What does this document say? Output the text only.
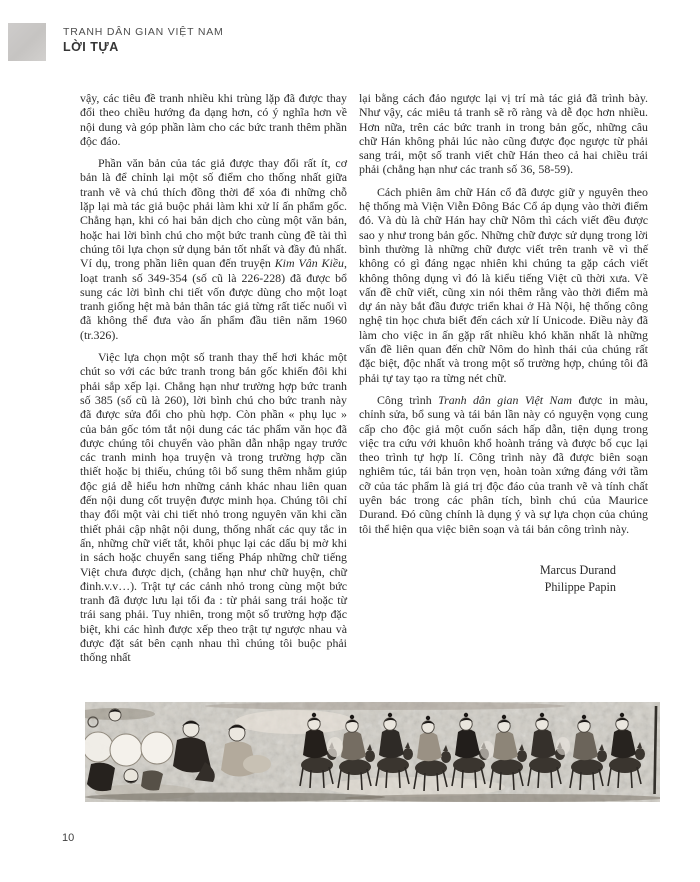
TRANH DÂN GIAN VIỆT NAM
LỜI TỰA

vậy, các tiêu đề tranh nhiều khi trùng lặp đã được thay đổi theo chiều hướng đa dạng hơn, có ý nghĩa hơn về nội dung và góp phần làm cho các bức tranh thêm phần độc đáo.

Phần văn bản của tác giả được thay đổi rất ít, cơ bản là để chỉnh lại một số điểm cho thống nhất giữa tranh vẽ và chú thích đồng thời để xóa đi những chỗ lặp lại mà tác giả buộc phải làm khi xử lí ấn phẩm gốc. Chẳng hạn, khi có hai bản dịch cho cùng một văn bản, hoặc hai lời bình chú cho một bức tranh cùng đề tài thì chúng tôi lựa chọn sử dụng bản tốt nhất và đầy đủ nhất. Ví dụ, trong phần liên quan đến truyện Kim Vân Kiều, loạt tranh số 349-354 (số cũ là 226-228) đã được bổ sung các lời bình chi tiết vốn được dùng cho một loạt tranh giống hệt mà bản thân tác giả từng rất tiếc nuối vì đã không thể đưa vào ấn phẩm đầu tiên năm 1960 (tr.326).

Việc lựa chọn một số tranh thay thế hơi khác một chút so với các bức tranh trong bản gốc khiến đôi khi phải sắp xếp lại. Chẳng hạn như trường hợp bức tranh số 385 (số cũ là 260), lời bình chú cho bức tranh này đã được sửa đổi cho phù hợp. Còn phần « phụ lục » của bản gốc tóm tắt nội dung các tác phẩm văn học đã được chúng tôi chuyển vào phần dẫn nhập ngay trước các tranh minh họa truyện và trong trường hợp cần thiết hoặc bị thiếu, chúng tôi bổ sung thêm nhằm giúp độc giả dễ hiểu hơn những cảnh khác nhau liên quan đến nội dung cốt truyện được minh họa. Chúng tôi chỉ thay đổi một vài chi tiết nhỏ trong nguyên văn khi cần thiết phải cập nhật nội dung, thống nhất các quy tắc in ấn, những chữ viết tắt, khôi phục lại các dấu bị mờ khi in sách hoặc chuyển sang tiếng Pháp những chữ tiếng Việt chưa được dịch, (chẳng hạn như chữ huyện, chữ đinh.v.v…). Trật tự các cảnh nhỏ trong cùng một bức tranh đã được lưu lại tối đa : từ phải sang trái hoặc từ trái sang phải. Tuy nhiên, trong một số trường hợp đặc biệt, khi các hình được xếp theo trật tự ngược nhau và được đặt sát bên cạnh nhau thì chúng tôi buộc phải thống nhất

lại bằng cách đảo ngược lại vị trí mà tác giả đã trình bày. Như vậy, các miêu tả tranh sẽ rõ ràng và dễ đọc hơn nhiều. Hơn nữa, trên các bức tranh in trong bản gốc, những câu chữ Hán không phải lúc nào cũng được đọc ngược từ phải sang trái, một số tranh viết chữ Hán theo cả hai chiều trái phải (chẳng hạn như các tranh số 36, 58-59).

Cách phiên âm chữ Hán cổ đã được giữ y nguyên theo hệ thống mà Viện Viễn Đông Bác Cổ áp dụng vào thời điểm đó. Và dù là chữ Hán hay chữ Nôm thì cách viết đều được sao y như trong bản gốc. Những chữ được sử dụng trong lời bình thường là những chữ được viết trên tranh vẽ vì thế không có gì đáng ngạc nhiên khi chúng ta gặp cách viết không thông dụng vì đó là kiểu tiếng Việt cũ thời xưa. Về vấn đề chữ viết, cũng xin nói thêm rằng vào thời điểm mà dự án này bắt đầu được triển khai ở Hà Nội, hệ thống công nghệ tin học chưa biết đến cách xử lí Unicode. Điều này đã làm cho việc in ấn gặp rất nhiều khó khăn nhất là những vấn đề liên quan đến chữ Nôm do hình thái của chúng rất đặc biệt, độc nhất và trong một số trường hợp, chúng tôi đã phải tự tay tạo ra từng nét chữ.

Công trình Tranh dân gian Việt Nam được in màu, chỉnh sửa, bổ sung và tái bản lần này có nguyện vọng cung cấp cho độc giả một cuốn sách hấp dẫn, tiện dụng trong việc tra cứu với khuôn khổ hoành tráng và được bố cục lại theo trình tự hợp lí. Công trình này đã được biên soạn nghiêm túc, tái bản trọn vẹn, hoàn toàn xứng đáng với tầm cỡ của tác phẩm là giá trị độc đáo của tranh vẽ và tính chất uyên bác trong các phân tích, bình chú của Maurice Durand. Đó cũng chính là dụng ý và sự lựa chọn của chúng tôi thể hiện qua việc biên soạn và tái bản công trình này.

Marcus Durand
Philippe Papin
10
